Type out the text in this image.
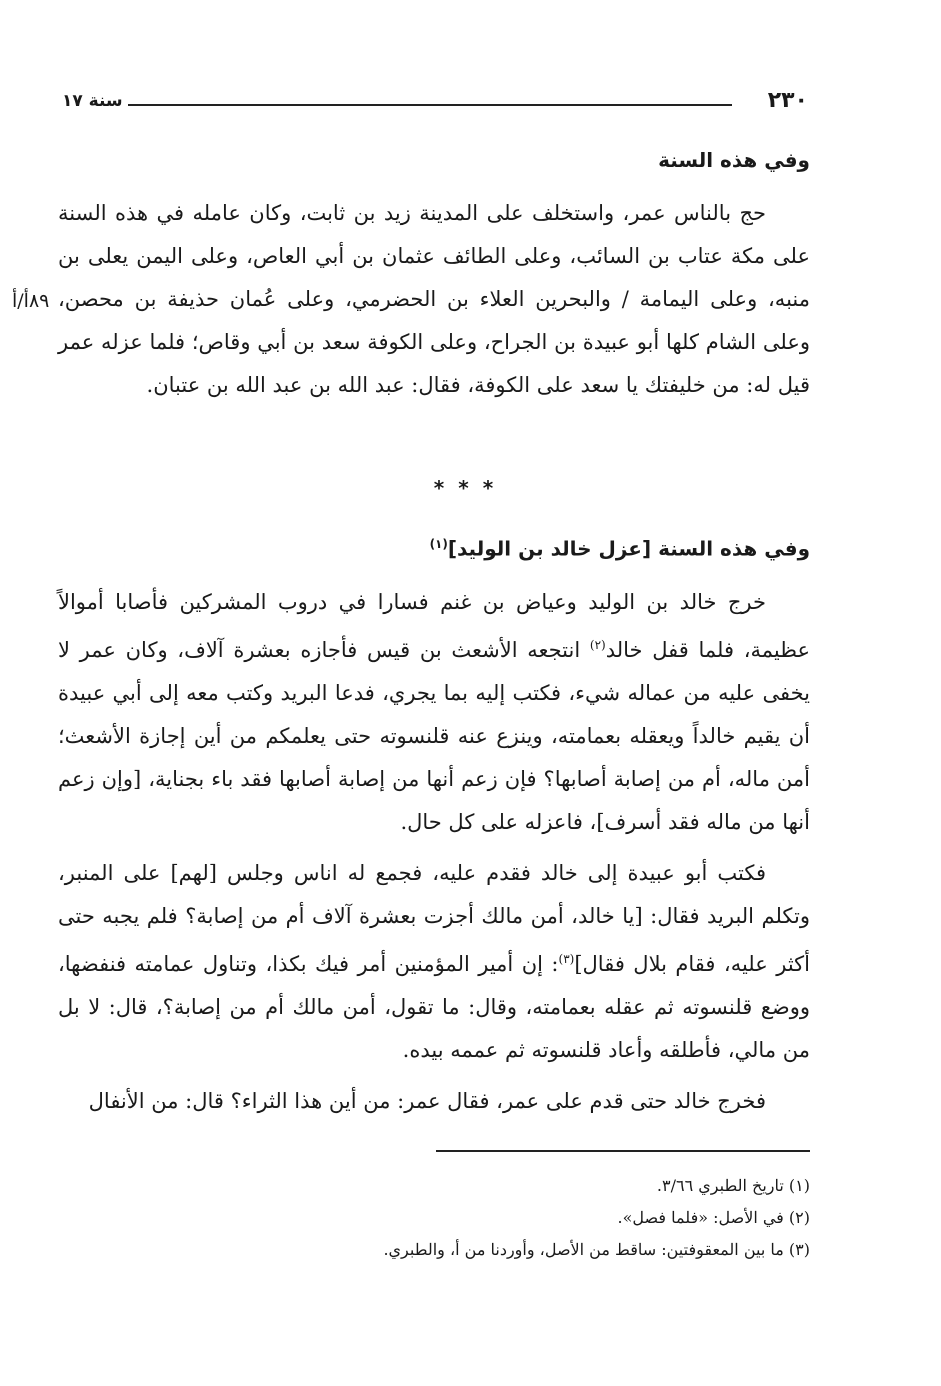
٢٣٠
سنة ١٧
٨٩أ/أ
وفي هذه السنة

حج بالناس عمر، واستخلف على المدينة زيد بن ثابت، وكان عامله في هذه السنة على مكة عتاب بن السائب، وعلى الطائف عثمان بن أبي العاص، وعلى اليمن يعلى بن منبه، وعلى اليمامة / والبحرين العلاء بن الحضرمي، وعلى عُمان حذيفة بن محصن، وعلى الشام كلها أبو عبيدة بن الجراح، وعلى الكوفة سعد بن أبي وقاص؛ فلما عزله عمر قيل له: من خليفتك يا سعد على الكوفة، فقال: عبد الله بن عبد الله بن عتبان.

***
وفي هذه السنة [عزل خالد بن الوليد]$^{(١)}$

خرج خالد بن الوليد وعياض بن غنم فسارا في دروب المشركين فأصابا أموالاً عظيمة، فلما قفل خالد$^{(٢)}$ انتجعه الأشعث بن قيس فأجازه بعشرة آلاف، وكان عمر لا يخفى عليه من عماله شيء، فكتب إليه بما يجري، فدعا البريد وكتب معه إلى أبي عبيدة أن يقيم خالداً ويعقله بعمامته، وينزع عنه قلنسوته حتى يعلمكم من أين إجازة الأشعث؛ أمن ماله، أم من إصابة أصابها؟ فإن زعم أنها من إصابة أصابها فقد باء بجناية، [وإن زعم أنها من ماله فقد أسرف]، فاعزله على كل حال.

فكتب أبو عبيدة إلى خالد فقدم عليه، فجمع له اناس وجلس [لهم] على المنبر، وتكلم البريد فقال: [يا خالد، أمن مالك أجزت بعشرة آلاف أم من إصابة؟ فلم يجبه حتى أكثر عليه، فقام بلال فقال]$^{(٣)}$: إن أمير المؤمنين أمر فيك بكذا، وتناول عمامته فنفضها، ووضع قلنسوته ثم عقله بعمامته، وقال: ما تقول، أمن مالك أم من إصابة؟، قال: لا بل من مالي، فأطلقه وأعاد قلنسوته ثم عممه بيده.

فخرج خالد حتى قدم على عمر، فقال عمر: من أين هذا الثراء؟ قال: من الأنفال

(١) تاريخ الطبري ٣/٦٦.

(٢) في الأصل: «فلما فصل».

(٣) ما بين المعقوفتين: ساقط من الأصل، وأوردنا من أ، والطبري.
